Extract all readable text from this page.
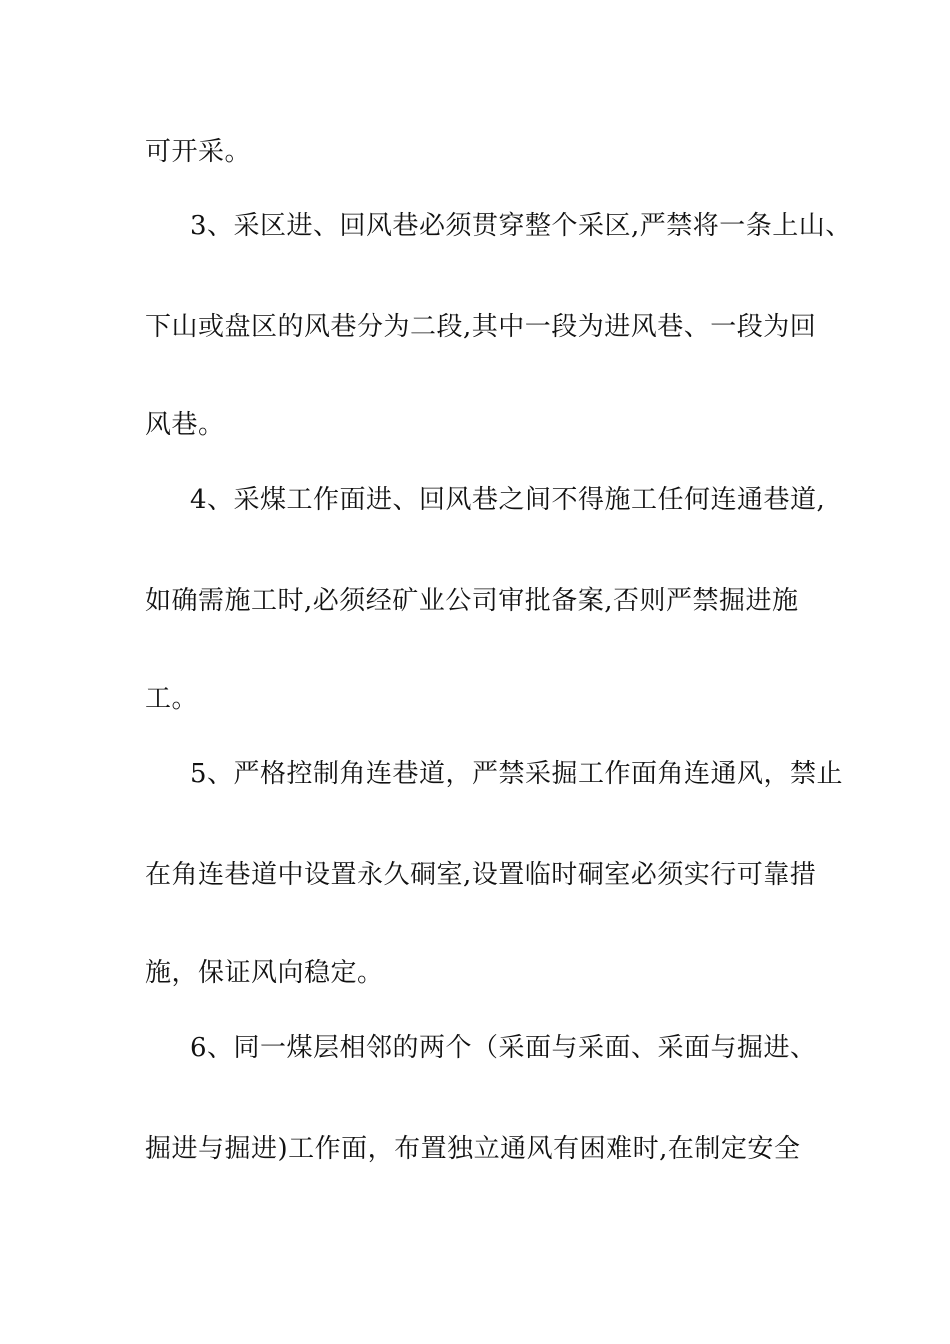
可开采。

3、采区进、回风巷必须贯穿整个采区,严禁将一条上山、

下山或盘区的风巷分为二段,其中一段为进风巷、一段为回

风巷。

4、采煤工作面进、回风巷之间不得施工任何连通巷道,

如确需施工时,必须经矿业公司审批备案,否则严禁掘进施

工。

5、严格控制角连巷道，严禁采掘工作面角连通风，禁止

在角连巷道中设置永久硐室,设置临时硐室必须实行可靠措

施，保证风向稳定。

6、同一煤层相邻的两个（采面与采面、采面与掘进、

掘进与掘进)工作面，布置独立通风有困难时,在制定安全
